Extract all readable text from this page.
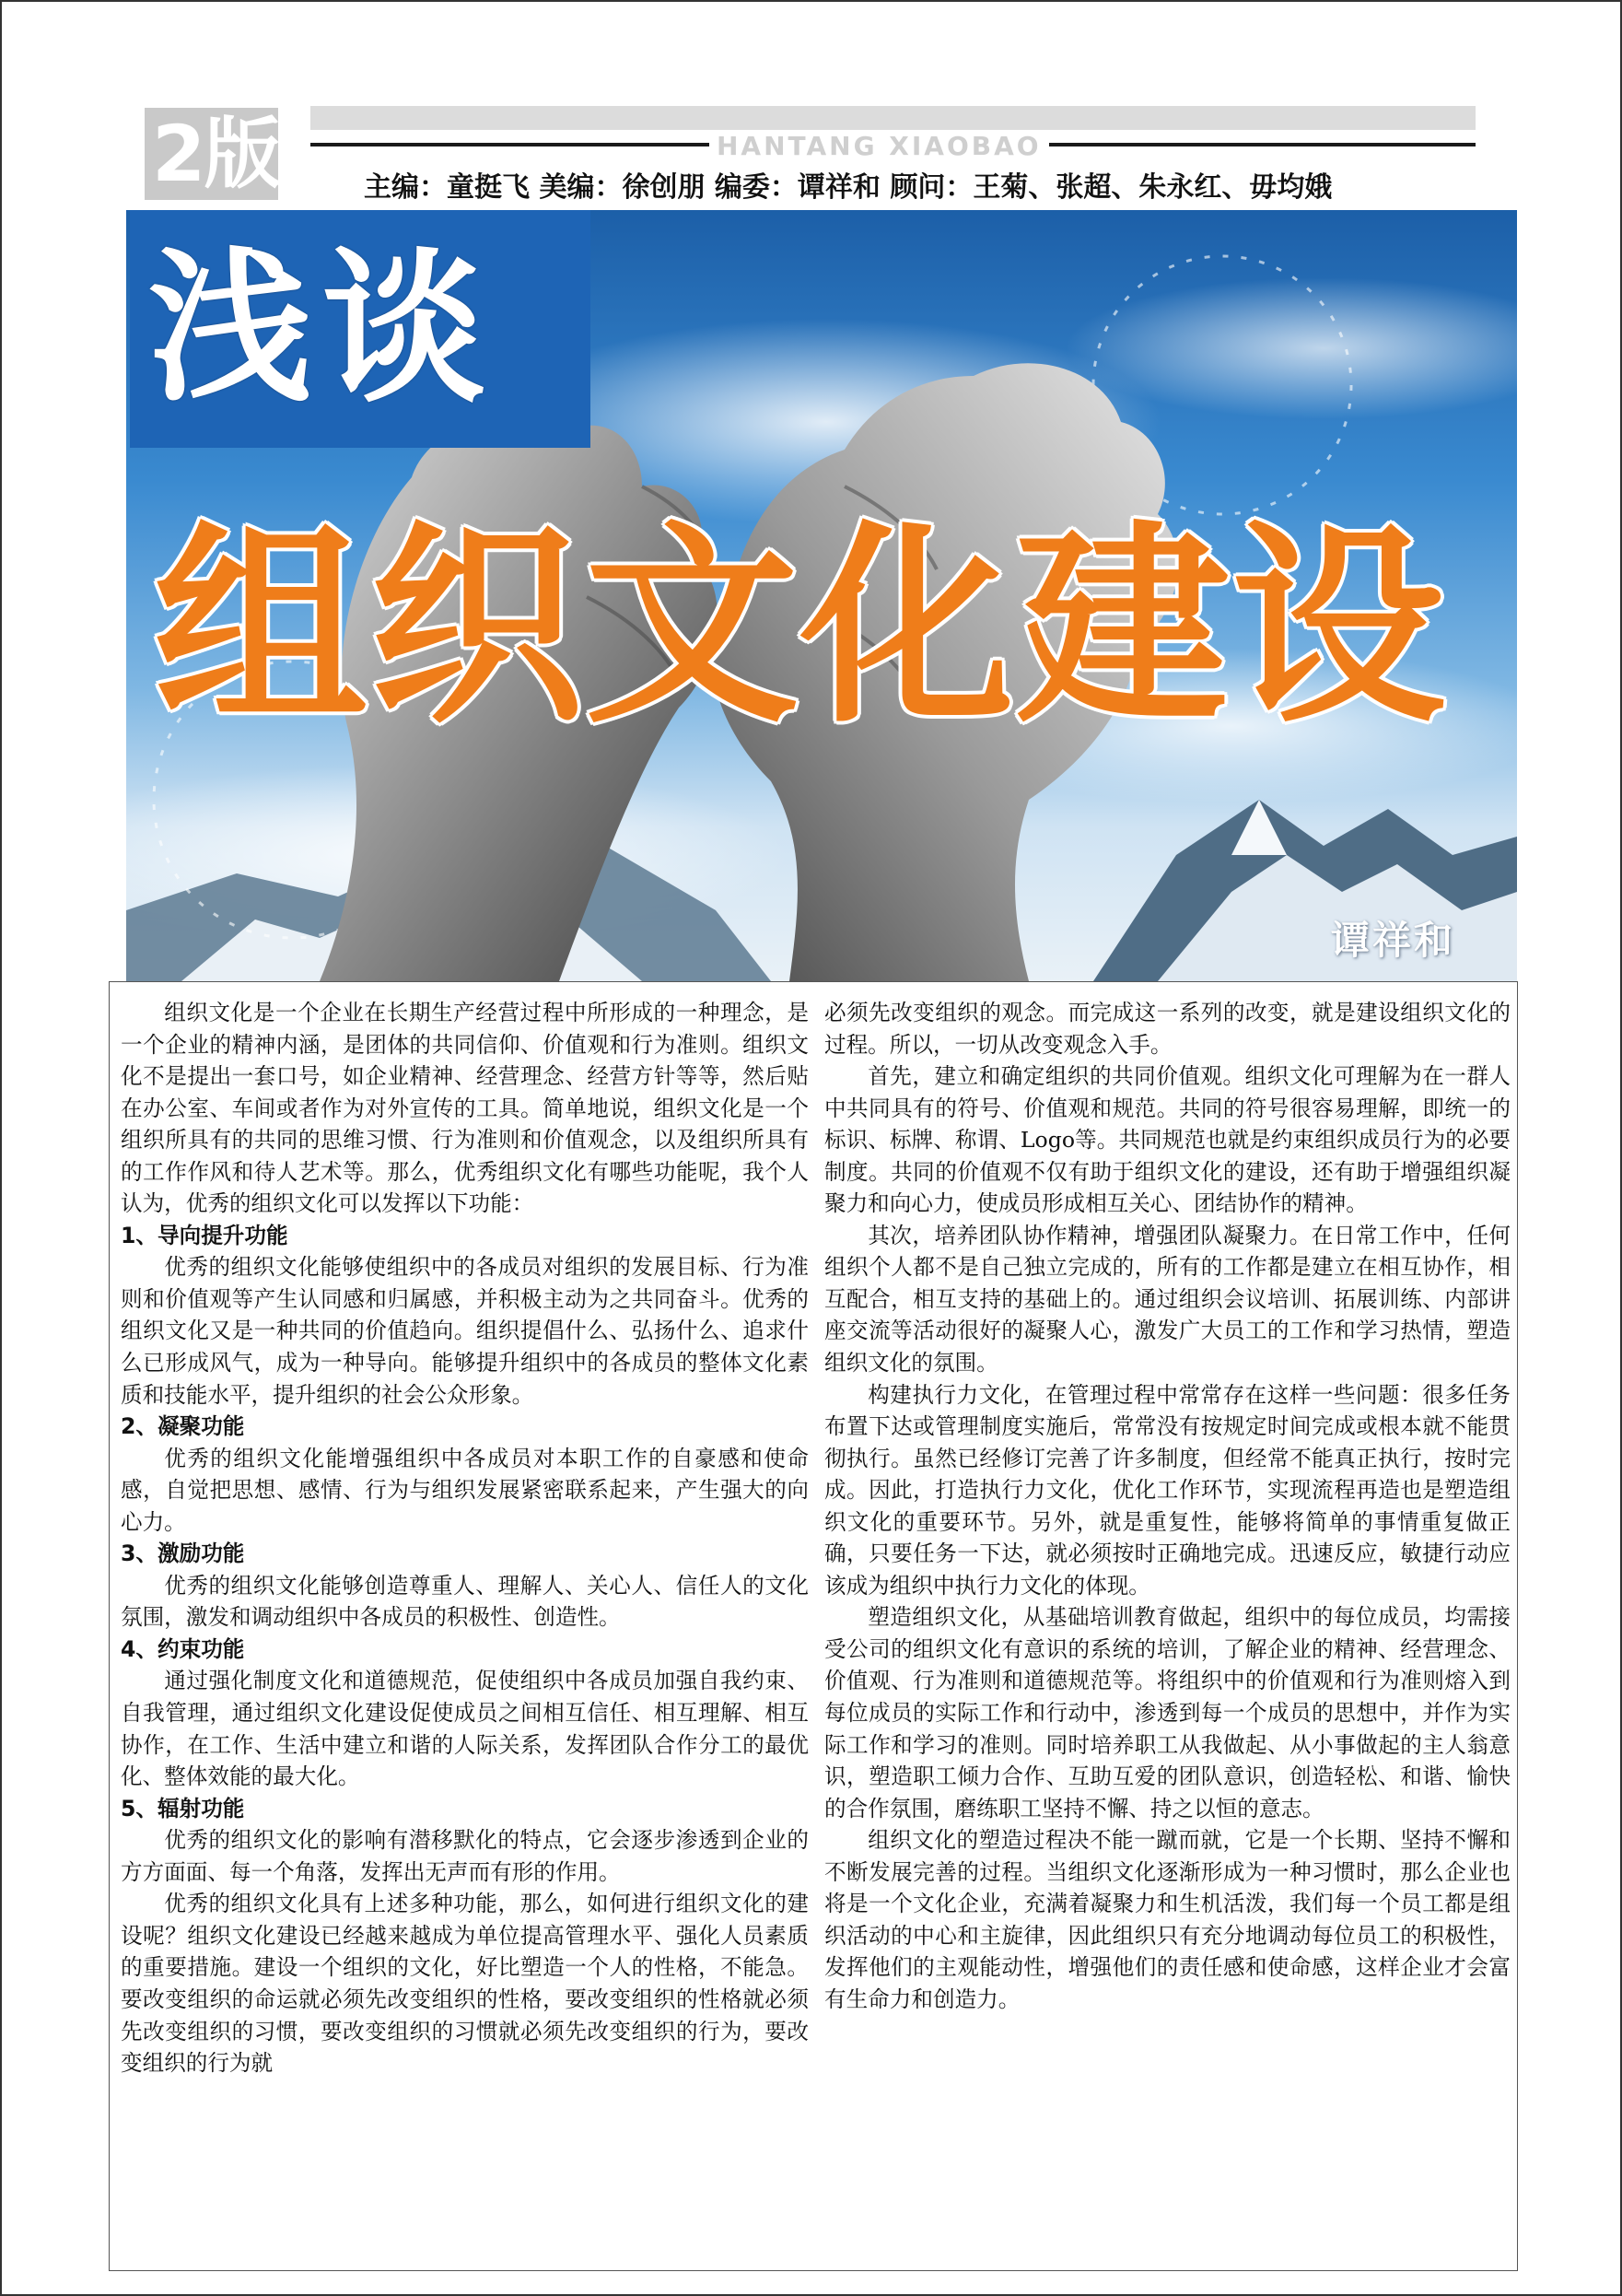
2版	HANTANG XIAOBAO
主编：童挺飞 美编：徐创朋 编委：谭祥和 顾问：王菊、张超、朱永红、毋均娥
浅谈
组织文化建设
谭祥和

组织文化是一个企业在长期生产经营过程中所形成的一种理念，是一个企业的精神内涵，是团体的共同信仰、价值观和行为准则。组织文化不是提出一套口号，如企业精神、经营理念、经营方针等等，然后贴在办公室、车间或者作为对外宣传的工具。简单地说，组织文化是一个组织所具有的共同的思维习惯、行为准则和价值观念，以及组织所具有的工作作风和待人艺术等。那么，优秀组织文化有哪些功能呢，我个人认为，优秀的组织文化可以发挥以下功能：

1、导向提升功能

优秀的组织文化能够使组织中的各成员对组织的发展目标、行为准则和价值观等产生认同感和归属感，并积极主动为之共同奋斗。优秀的组织文化又是一种共同的价值趋向。组织提倡什么、弘扬什么、追求什么已形成风气，成为一种导向。能够提升组织中的各成员的整体文化素质和技能水平，提升组织的社会公众形象。

2、凝聚功能

优秀的组织文化能增强组织中各成员对本职工作的自豪感和使命感，自觉把思想、感情、行为与组织发展紧密联系起来，产生强大的向心力。

3、激励功能

优秀的组织文化能够创造尊重人、理解人、关心人、信任人的文化氛围，激发和调动组织中各成员的积极性、创造性。

4、约束功能

通过强化制度文化和道德规范，促使组织中各成员加强自我约束、自我管理，通过组织文化建设促使成员之间相互信任、相互理解、相互协作，在工作、生活中建立和谐的人际关系，发挥团队合作分工的最优化、整体效能的最大化。

5、辐射功能

优秀的组织文化的影响有潜移默化的特点，它会逐步渗透到企业的方方面面、每一个角落，发挥出无声而有形的作用。

优秀的组织文化具有上述多种功能，那么，如何进行组织文化的建设呢？组织文化建设已经越来越成为单位提高管理水平、强化人员素质的重要措施。建设一个组织的文化，好比塑造一个人的性格，不能急。要改变组织的命运就必须先改变组织的性格，要改变组织的性格就必须先改变组织的习惯，要改变组织的习惯就必须先改变组织的行为，要改变组织的行为就

必须先改变组织的观念。而完成这一系列的改变，就是建设组织文化的过程。所以，一切从改变观念入手。

首先，建立和确定组织的共同价值观。组织文化可理解为在一群人中共同具有的符号、价值观和规范。共同的符号很容易理解，即统一的标识、标牌、称谓、Logo等。共同规范也就是约束组织成员行为的必要制度。共同的价值观不仅有助于组织文化的建设，还有助于增强组织凝聚力和向心力，使成员形成相互关心、团结协作的精神。

其次，培养团队协作精神，增强团队凝聚力。在日常工作中，任何组织个人都不是自己独立完成的，所有的工作都是建立在相互协作，相互配合，相互支持的基础上的。通过组织会议培训、拓展训练、内部讲座交流等活动很好的凝聚人心，激发广大员工的工作和学习热情，塑造组织文化的氛围。

构建执行力文化，在管理过程中常常存在这样一些问题：很多任务布置下达或管理制度实施后，常常没有按规定时间完成或根本就不能贯彻执行。虽然已经修订完善了许多制度，但经常不能真正执行，按时完成。因此，打造执行力文化，优化工作环节，实现流程再造也是塑造组织文化的重要环节。另外，就是重复性，能够将简单的事情重复做正确，只要任务一下达，就必须按时正确地完成。迅速反应，敏捷行动应该成为组织中执行力文化的体现。

塑造组织文化，从基础培训教育做起，组织中的每位成员，均需接受公司的组织文化有意识的系统的培训，了解企业的精神、经营理念、价值观、行为准则和道德规范等。将组织中的价值观和行为准则熔入到每位成员的实际工作和行动中，渗透到每一个成员的思想中，并作为实际工作和学习的准则。同时培养职工从我做起、从小事做起的主人翁意识，塑造职工倾力合作、互助互爱的团队意识，创造轻松、和谐、愉快的合作氛围，磨练职工坚持不懈、持之以恒的意志。

组织文化的塑造过程决不能一蹴而就，它是一个长期、坚持不懈和不断发展完善的过程。当组织文化逐渐形成为一种习惯时，那么企业也将是一个文化企业，充满着凝聚力和生机活泼，我们每一个员工都是组织活动的中心和主旋律，因此组织只有充分地调动每位员工的积极性，发挥他们的主观能动性，增强他们的责任感和使命感，这样企业才会富有生命力和创造力。
